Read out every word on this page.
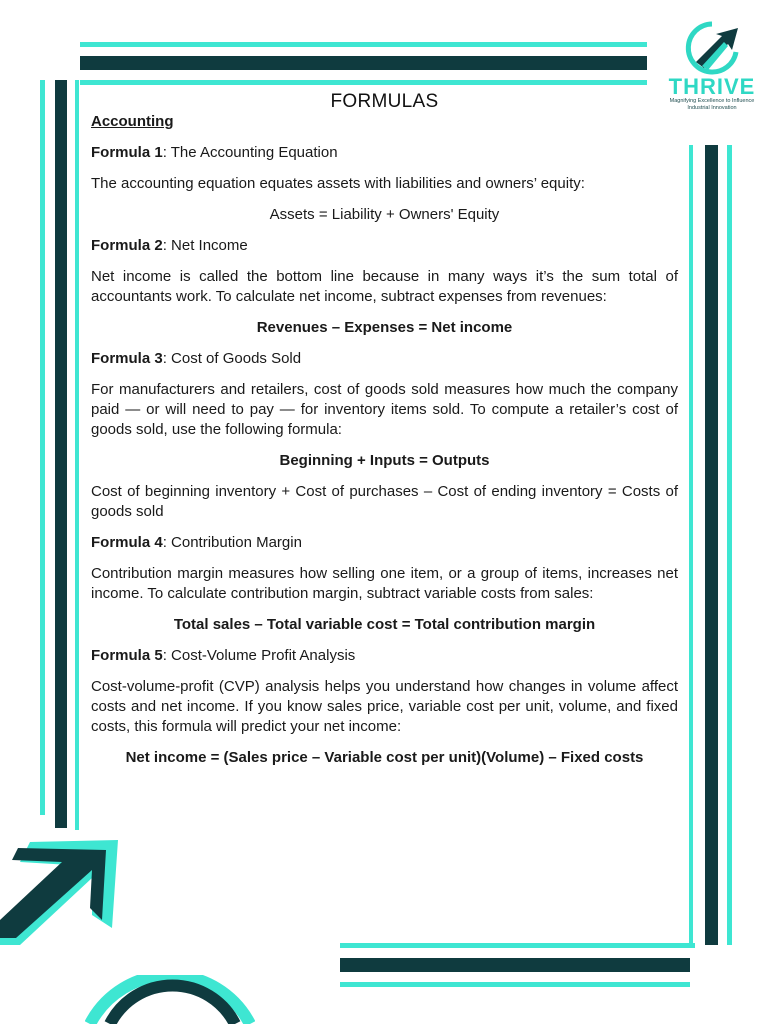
THRIVE
Magnifying Excellence to Influence
Industrial Innovation

FORMULAS

Accounting

Formula 1: The Accounting Equation

The accounting equation equates assets with liabilities and owners’ equity:

Assets = Liability + Owners' Equity

Formula 2: Net Income

Net income is called the bottom line because in many ways it’s the sum total of accountants work. To calculate net income, subtract expenses from revenues:

Revenues – Expenses = Net income

Formula 3: Cost of Goods Sold

For manufacturers and retailers, cost of goods sold measures how much the company paid — or will need to pay — for inventory items sold. To compute a retailer’s cost of goods sold, use the following formula:

Beginning + Inputs = Outputs

Cost of beginning inventory + Cost of purchases – Cost of ending inventory = Costs of goods sold

Formula 4: Contribution Margin

Contribution margin measures how selling one item, or a group of items, increases net income. To calculate contribution margin, subtract variable costs from sales:

Total sales – Total variable cost = Total contribution margin

Formula 5: Cost-Volume Profit Analysis

Cost-volume-profit (CVP) analysis helps you understand how changes in volume affect costs and net income. If you know sales price, variable cost per unit, volume, and fixed costs, this formula will predict your net income:

Net income = (Sales price – Variable cost per unit)(Volume) – Fixed costs
